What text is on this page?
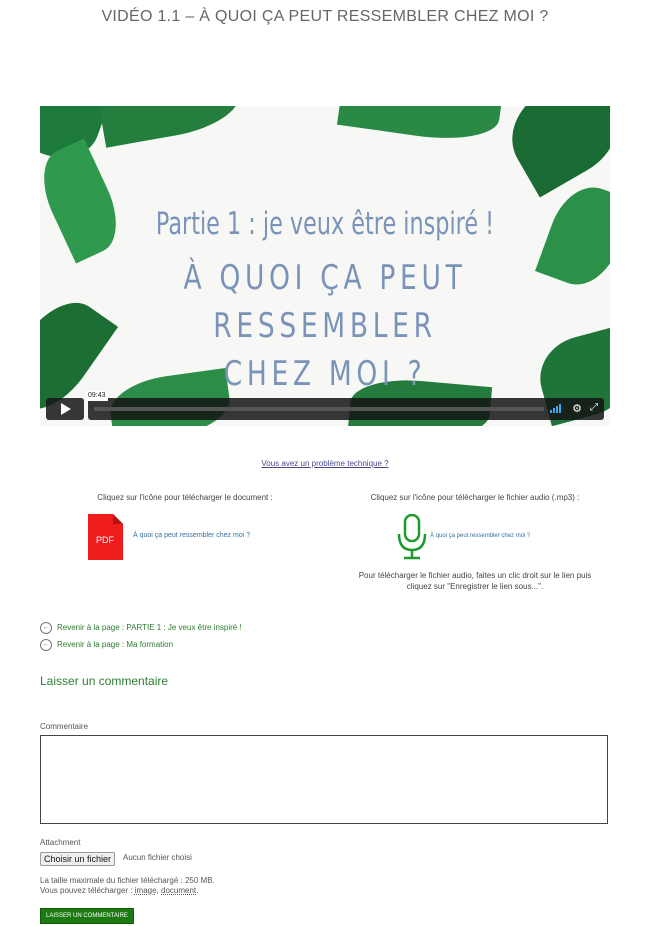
VIDÉO 1.1 – À QUOI ÇA PEUT RESSEMBLER CHEZ MOI ?
Partie 1 : je veux être inspiré !
À QUOI ÇA PEUT RESSEMBLER
CHEZ MOI ?
⚙ ⤢
09:43
Vous avez un problème technique ?
Cliquez sur l'icône pour télécharger le document :
PDF	À quoi ça peut ressembler chez moi ?
Cliquez sur l'icône pour télécharger le fichier audio (.mp3) :
À quoi ça peut ressembler chez moi ?
Pour télécharger le fichier audio, faites un clic droit sur le lien puis
cliquez sur "Enregistrer le lien sous...".
← Revenir à la page : PARTIE 1 : Je veux être inspiré !
← Revenir à la page : Ma formation
Laisser un commentaire
Commentaire
Attachment
Choisir un fichier	Aucun fichier choisi
La taille maximale du fichier téléchargé : 250 MB.
Vous pouvez télécharger : image, document.
LAISSER UN COMMENTAIRE
